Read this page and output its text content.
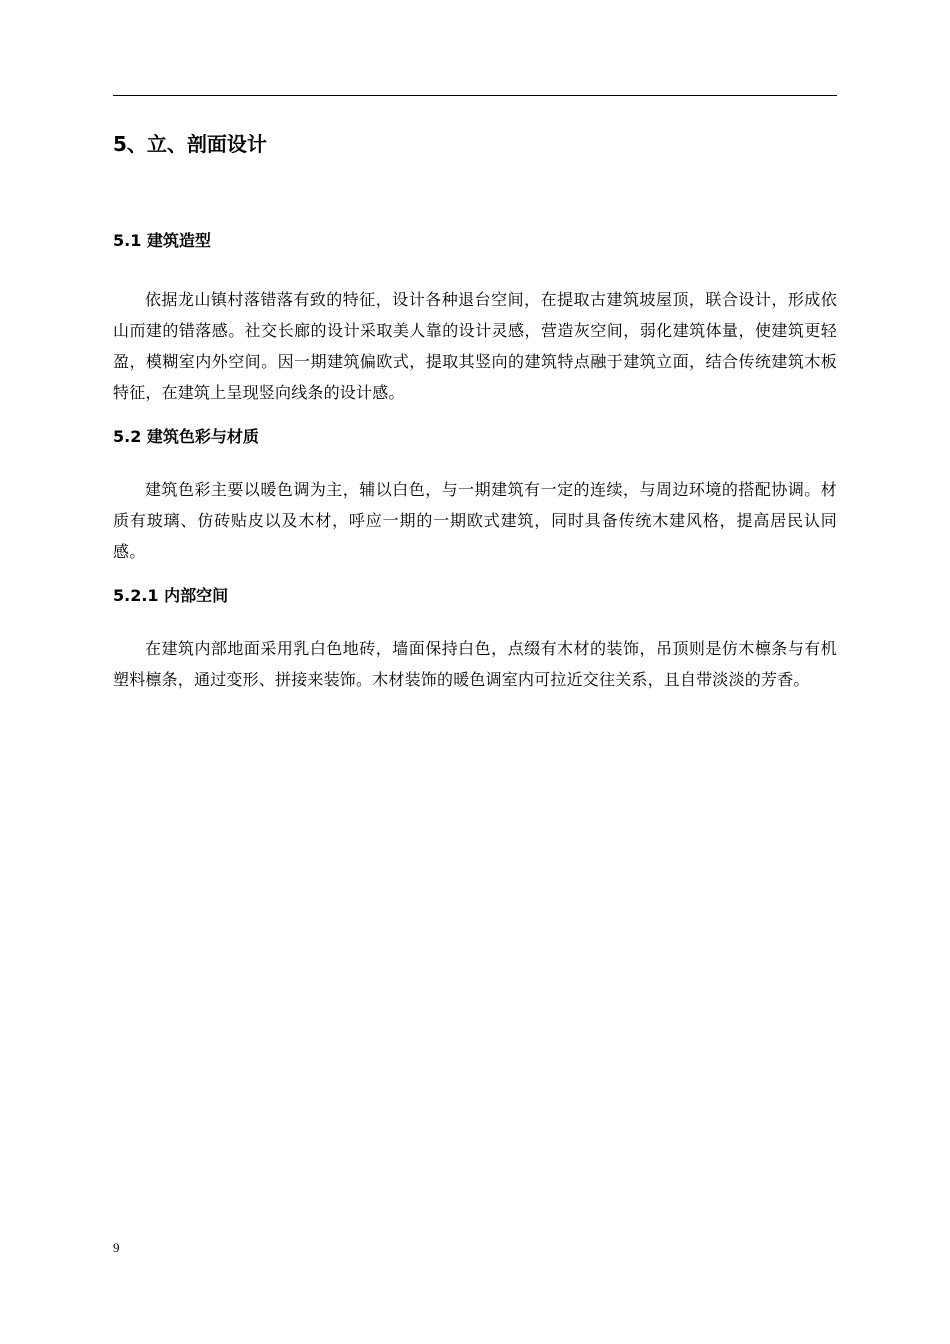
5、立、剖面设计
5.1 建筑造型

依据龙山镇村落错落有致的特征，设计各种退台空间，在提取古建筑坡屋顶，联合设计，形成依山而建的错落感。社交长廊的设计采取美人靠的设计灵感，营造灰空间，弱化建筑体量，使建筑更轻盈，模糊室内外空间。因一期建筑偏欧式，提取其竖向的建筑特点融于建筑立面，结合传统建筑木板特征，在建筑上呈现竖向线条的设计感。

5.2 建筑色彩与材质

建筑色彩主要以暖色调为主，辅以白色，与一期建筑有一定的连续，与周边环境的搭配协调。材质有玻璃、仿砖贴皮以及木材，呼应一期的一期欧式建筑，同时具备传统木建风格，提高居民认同感。

5.2.1 内部空间

在建筑内部地面采用乳白色地砖，墙面保持白色，点缀有木材的装饰，吊顶则是仿木檩条与有机塑料檩条，通过变形、拼接来装饰。木材装饰的暖色调室内可拉近交往关系，且自带淡淡的芳香。

9
